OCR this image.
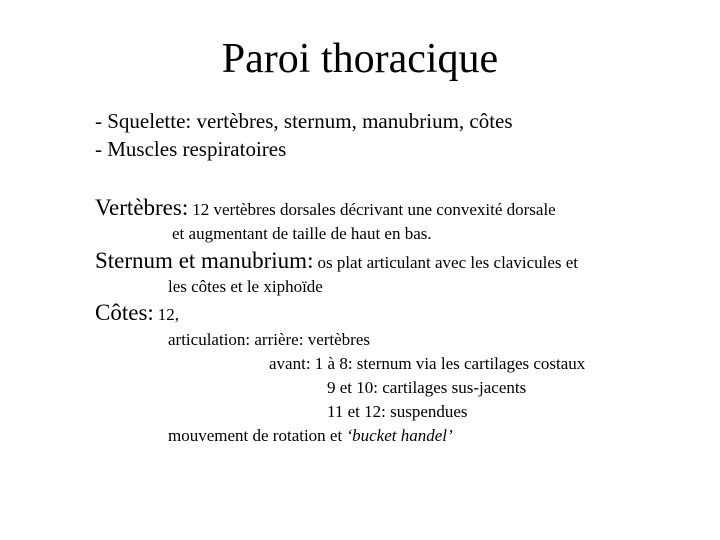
Paroi thoracique
- Squelette: vertèbres, sternum, manubrium, côtes
- Muscles respiratoires
Vertèbres: 12 vertèbres dorsales décrivant une convexité dorsale
et augmentant de taille de haut en bas.
Sternum et manubrium: os plat articulant avec les clavicules et
les côtes et le xiphoïde
Côtes: 12,
articulation: arrière: vertèbres
avant: 1 à 8: sternum via les cartilages costaux
9 et 10: cartilages sus-jacents
11 et 12: suspendues
mouvement de rotation et ‘bucket handel’
